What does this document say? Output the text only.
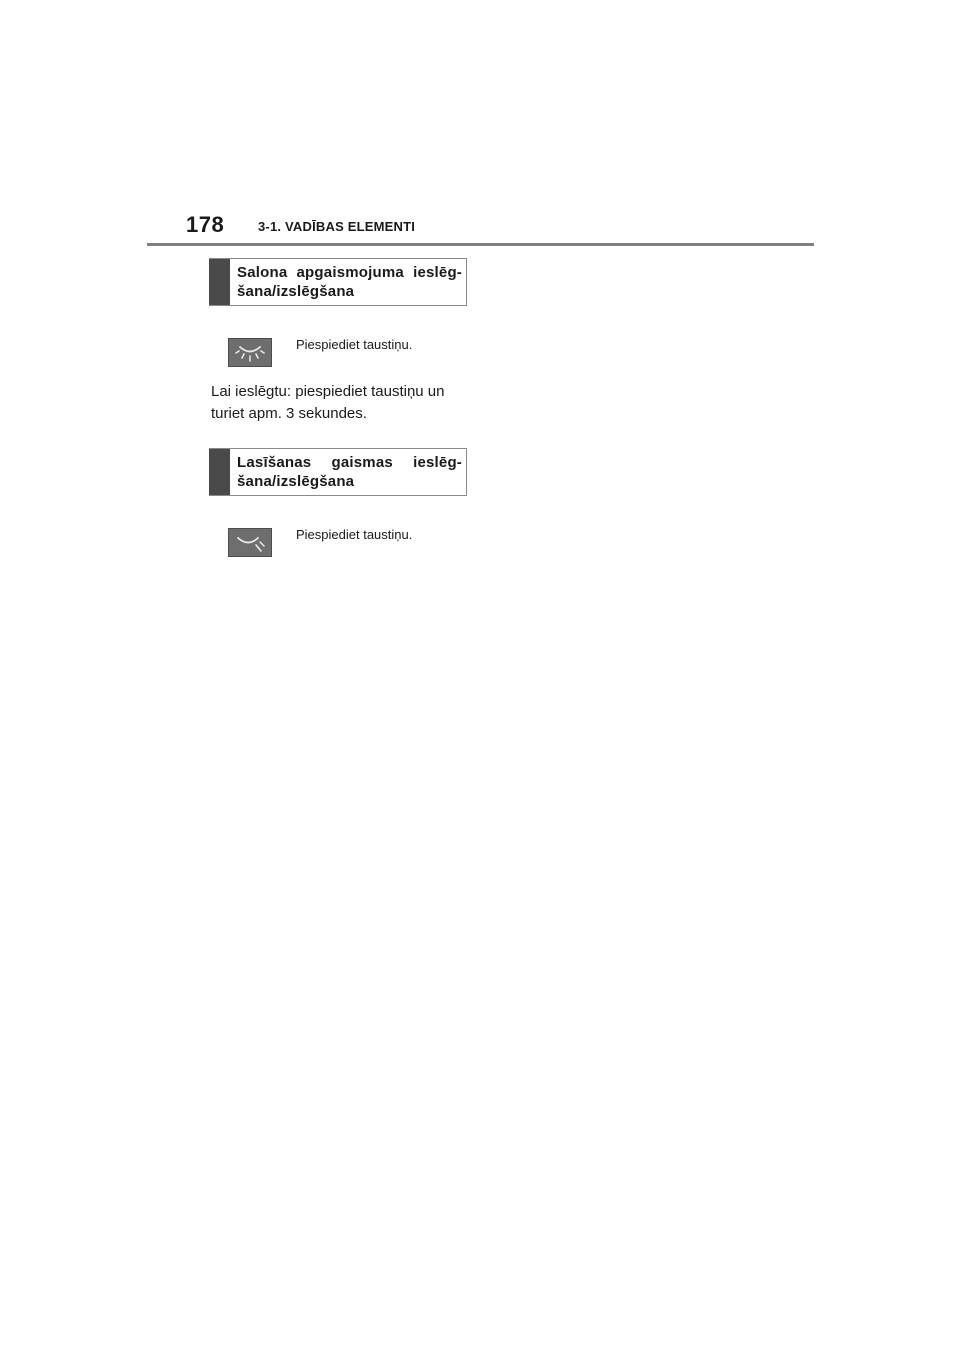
178	3-1. VADĪBAS ELEMENTI
Salona apgaismojuma ieslēg-šana/izslēgšana
Piespiediet taustiņu.
Lai ieslēgtu: piespiediet taustiņu un turiet apm. 3 sekundes.
Lasīšanas gaismas ieslēg-šana/izslēgšana
Piespiediet taustiņu.
